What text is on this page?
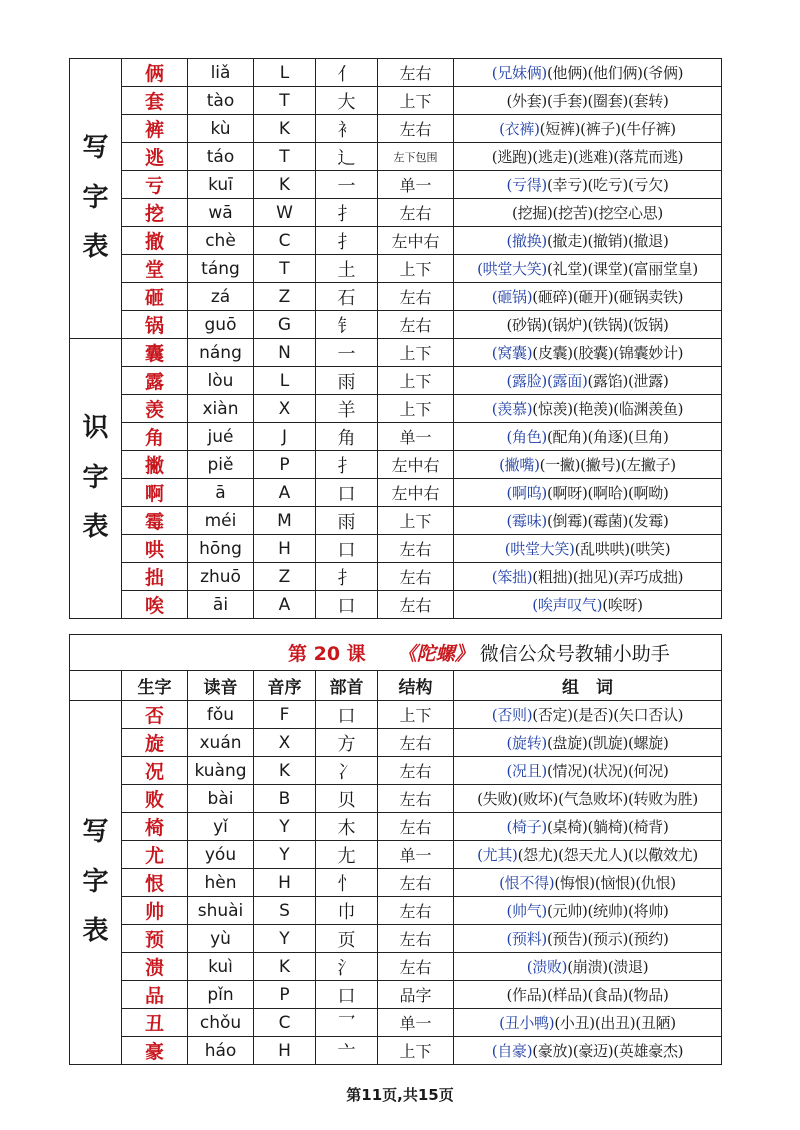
写
字
表	俩	liǎ	L	亻	左右	(兄妹俩)(他俩)(他们俩)(爷俩)
	套	tào	T	大	上下	(外套)(手套)(圈套)(套转)
	裤	kù	K	衤	左右	(衣裤)(短裤)(裤子)(牛仔裤)
	逃	táo	T	辶	左下包围	(逃跑)(逃走)(逃难)(落荒而逃)
	亏	kuī	K	一	单一	(亏得)(幸亏)(吃亏)(亏欠)
	挖	wā	W	扌	左右	(挖掘)(挖苦)(挖空心思)
	撤	chè	C	扌	左中右	(撤换)(撤走)(撤销)(撤退)
	堂	táng	T	土	上下	(哄堂大笑)(礼堂)(课堂)(富丽堂皇)
	砸	zá	Z	石	左右	(砸锅)(砸碎)(砸开)(砸锅卖铁)
	锅	guō	G	钅	左右	(砂锅)(锅炉)(铁锅)(饭锅)

识
字
表	囊	náng	N	一	上下	(窝囊)(皮囊)(胶囊)(锦囊妙计)
	露	lòu	L	雨	上下	(露脸)(露面)(露馅)(泄露)
	羡	xiàn	X	羊	上下	(羡慕)(惊羡)(艳羡)(临渊羡鱼)
	角	jué	J	角	单一	(角色)(配角)(角逐)(旦角)
	撇	piě	P	扌	左中右	(撇嘴)(一撇)(撇号)(左撇子)
	啊	ā	A	口	左中右	(啊呜)(啊呀)(啊哈)(啊呦)
	霉	méi	M	雨	上下	(霉味)(倒霉)(霉菌)(发霉)
	哄	hōng	H	口	左右	(哄堂大笑)(乱哄哄)(哄笑)
	拙	zhuō	Z	扌	左右	(笨拙)(粗拙)(拙见)(弄巧成拙)
	唉	āi	A	口	左右	(唉声叹气)(唉呀)
第 20 课 《陀螺》 微信公众号教辅小助手						

	生字	读音	音序	部首	结构	组　词

写
字
表	否	fǒu	F	口	上下	(否则)(否定)(是否)(矢口否认)
	旋	xuán	X	方	左右	(旋转)(盘旋)(凯旋)(螺旋)
	况	kuàng	K	冫	左右	(况且)(情况)(状况)(何况)
	败	bài	B	贝	左右	(失败)(败坏)(气急败坏)(转败为胜)
	椅	yǐ	Y	木	左右	(椅子)(桌椅)(躺椅)(椅背)
	尤	yóu	Y	尢	单一	(尤其)(怨尤)(怨天尤人)(以儆效尤)
	恨	hèn	H	忄	左右	(恨不得)(悔恨)(恼恨)(仇恨)
	帅	shuài	S	巾	左右	(帅气)(元帅)(统帅)(将帅)
	预	yù	Y	页	左右	(预料)(预告)(预示)(预约)
	溃	kuì	K	氵	左右	(溃败)(崩溃)(溃退)
	品	pǐn	P	口	品字	(作品)(样品)(食品)(物品)
	丑	chǒu	C	乛	单一	(丑小鸭)(小丑)(出丑)(丑陋)
	豪	háo	H	亠	上下	(自豪)(豪放)(豪迈)(英雄豪杰)
第11页,共15页
